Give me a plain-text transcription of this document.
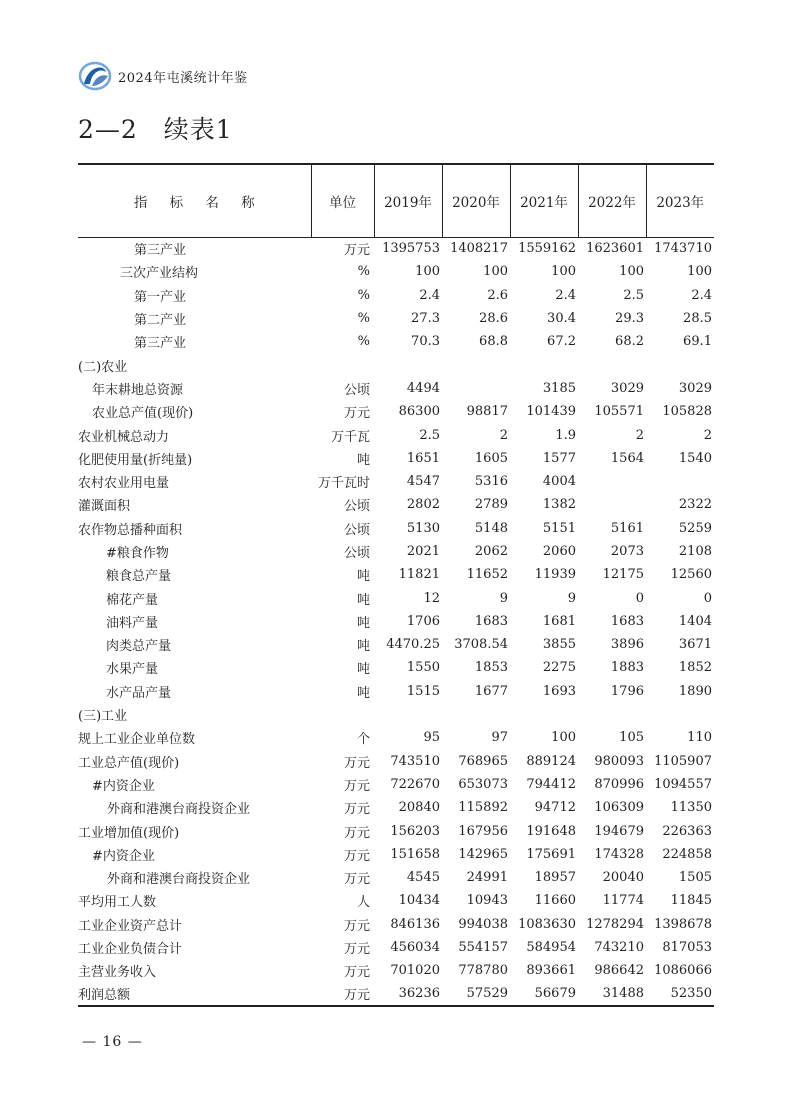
2024年屯溪统计年鉴
2—2　续表1
指 标 名 称	单位	2019年	2020年	2021年	2022年	2023年
第三产业	万元	1395753	1408217	1559162	1623601	1743710
三次产业结构	%	100	100	100	100	100
第一产业	%	2.4	2.6	2.4	2.5	2.4
第二产业	%	27.3	28.6	30.4	29.3	28.5
第三产业	%	70.3	68.8	67.2	68.2	69.1
(二)农业						
年末耕地总资源	公顷	4494		3185	3029	3029
农业总产值(现价)	万元	86300	98817	101439	105571	105828
农业机械总动力	万千瓦	2.5	2	1.9	2	2
化肥使用量(折纯量)	吨	1651	1605	1577	1564	1540
农村农业用电量	万千瓦时	4547	5316	4004		
灌溉面积	公顷	2802	2789	1382		2322
农作物总播种面积	公顷	5130	5148	5151	5161	5259
#粮食作物	公顷	2021	2062	2060	2073	2108
粮食总产量	吨	11821	11652	11939	12175	12560
棉花产量	吨	12	9	9	0	0
油料产量	吨	1706	1683	1681	1683	1404
肉类总产量	吨	4470.25	3708.54	3855	3896	3671
水果产量	吨	1550	1853	2275	1883	1852
水产品产量	吨	1515	1677	1693	1796	1890
(三)工业						
规上工业企业单位数	个	95	97	100	105	110
工业总产值(现价)	万元	743510	768965	889124	980093	1105907
#内资企业	万元	722670	653073	794412	870996	1094557
外商和港澳台商投资企业	万元	20840	115892	94712	106309	11350
工业增加值(现价)	万元	156203	167956	191648	194679	226363
#内资企业	万元	151658	142965	175691	174328	224858
外商和港澳台商投资企业	万元	4545	24991	18957	20040	1505
平均用工人数	人	10434	10943	11660	11774	11845
工业企业资产总计	万元	846136	994038	1083630	1278294	1398678
工业企业负债合计	万元	456034	554157	584954	743210	817053
主营业务收入	万元	701020	778780	893661	986642	1086066
利润总额	万元	36236	57529	56679	31488	52350
— 16 —
